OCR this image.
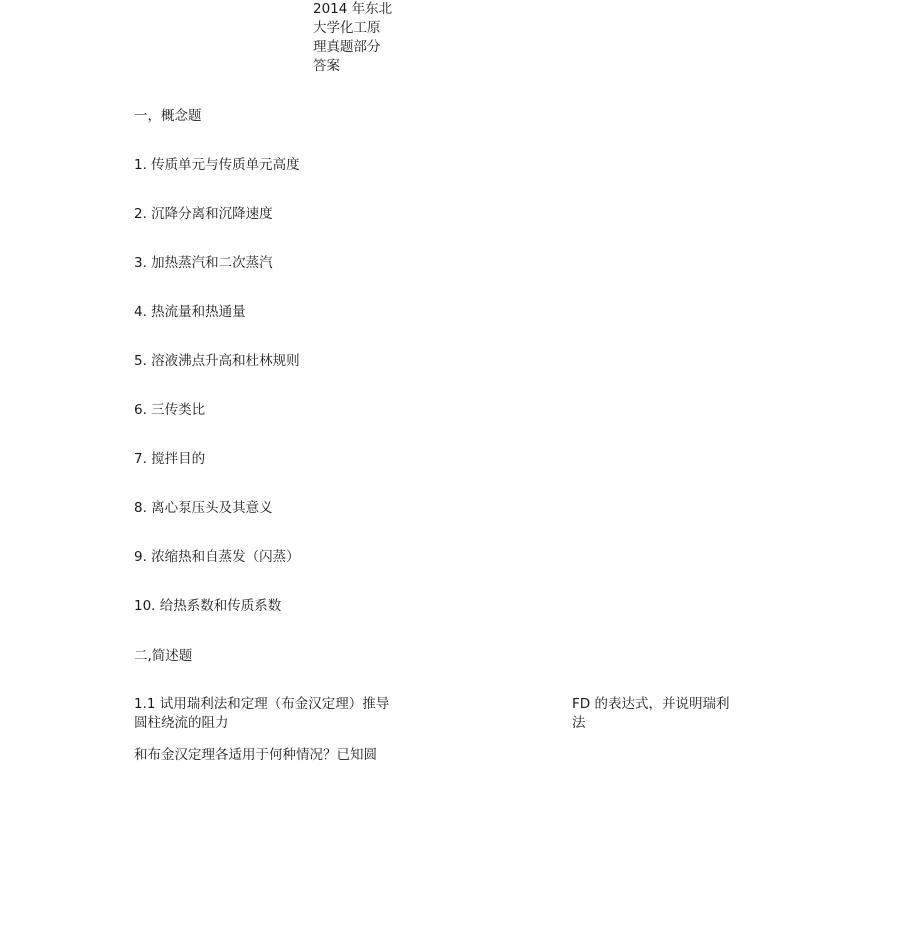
2014 年东北
大学化工原
理真题部分
答案

一，概念题

1. 传质单元与传质单元高度

2. 沉降分离和沉降速度

3. 加热蒸汽和二次蒸汽

4. 热流量和热通量

5. 溶液沸点升高和杜林规则

6. 三传类比

7. 搅拌目的

8. 离心泵压头及其意义

9. 浓缩热和自蒸发（闪蒸）

10. 给热系数和传质系数

二,简述题

1.1 试用瑞利法和定理（布金汉定理）推导
圆柱绕流的阻力
FD 的表达式，并说明瑞利
法

和布金汉定理各适用于何种情况？已知圆
